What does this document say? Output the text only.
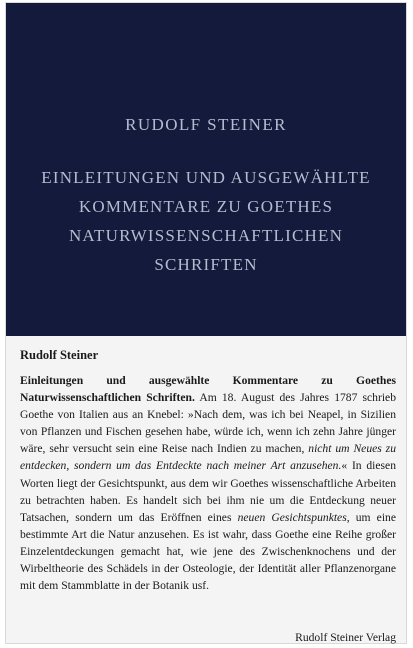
RUDOLF STEINER
EINLEITUNGEN UND AUSGEWÄHLTE
KOMMENTARE ZU GOETHES
NATURWISSENSCHAFTLICHEN
SCHRIFTEN
Rudolf Steiner
Einleitungen und ausgewählte Kommentare zu Goethes Naturwissenschaftlichen Schriften. Am 18. August des Jahres 1787 schrieb Goethe von Italien aus an Knebel: »Nach dem, was ich bei Neapel, in Sizilien von Pflanzen und Fischen gesehen habe, würde ich, wenn ich zehn Jahre jünger wäre, sehr versucht sein eine Reise nach Indien zu machen, nicht um Neues zu entdecken, sondern um das Entdeckte nach meiner Art anzusehen.« In diesen Worten liegt der Gesichtspunkt, aus dem wir Goethes wissenschaftliche Arbeiten zu betrachten haben. Es handelt sich bei ihm nie um die Entdeckung neuer Tatsachen, sondern um das Eröffnen eines neuen Gesichtspunktes, um eine bestimmte Art die Natur anzusehen. Es ist wahr, dass Goethe eine Reihe großer Einzelentdeckungen gemacht hat, wie jene des Zwischenknochens und der Wirbeltheorie des Schädels in der Osteologie, der Identität aller Pflanzenorgane mit dem Stammblatte in der Botanik usf.
Rudolf Steiner Verlag
